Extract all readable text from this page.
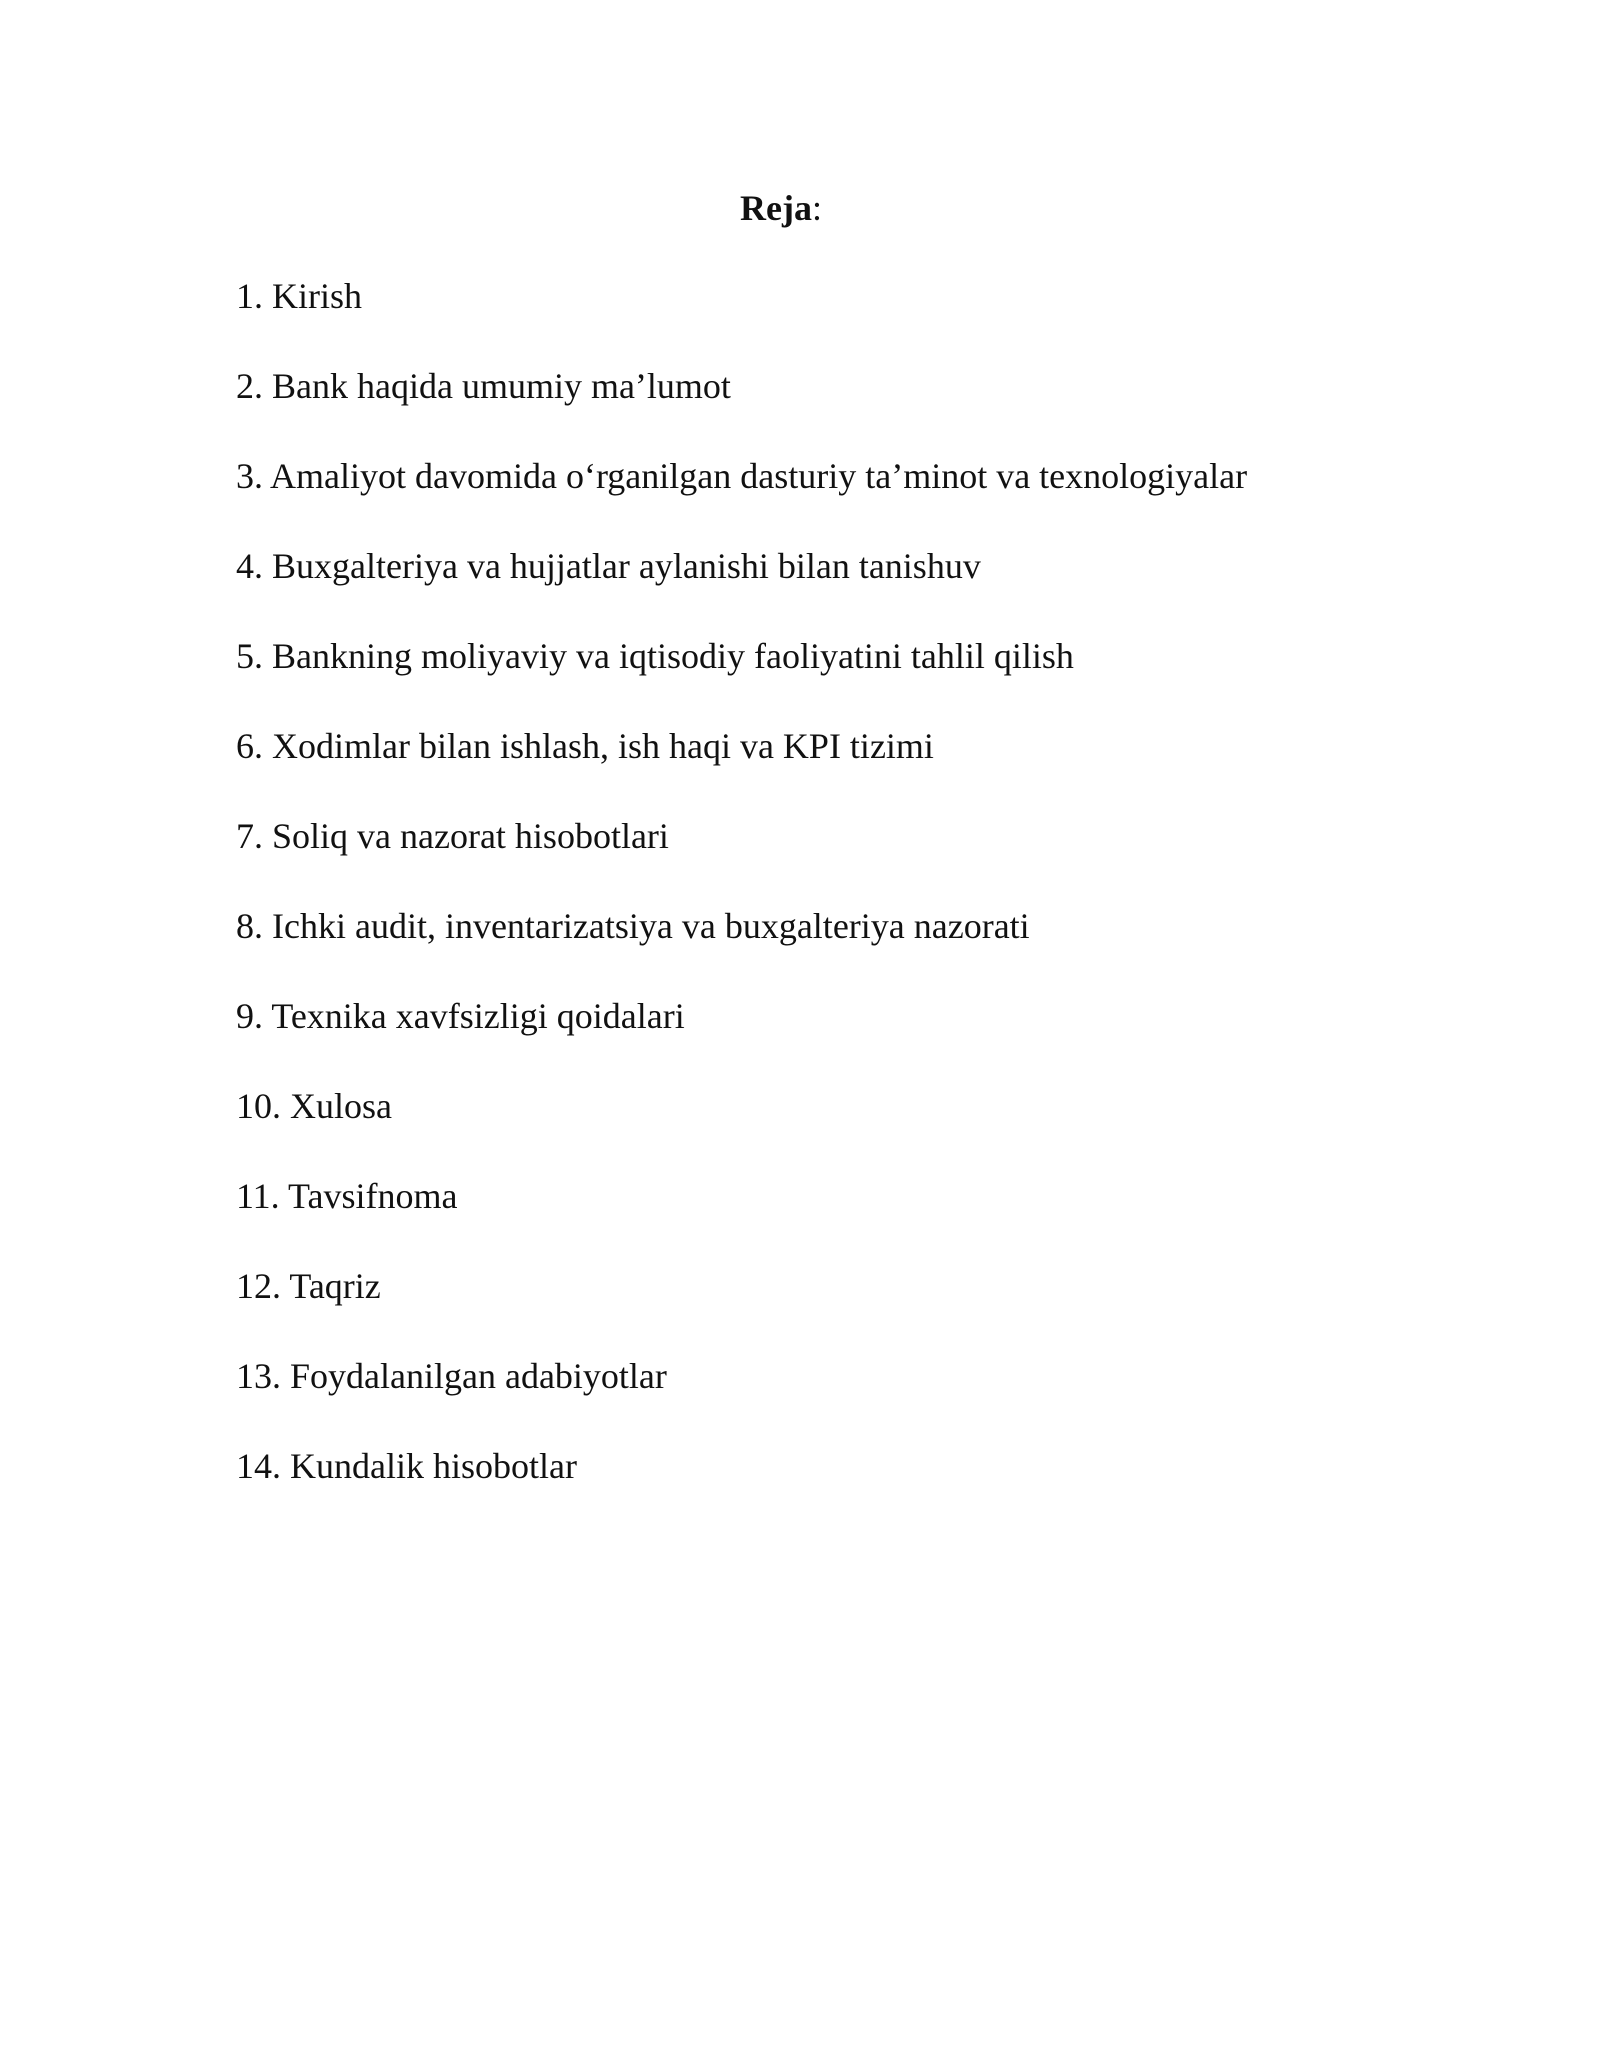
Reja:
1. Kirish
2. Bank haqida umumiy ma’lumot
3. Amaliyot davomida o‘rganilgan dasturiy ta’minot va texnologiyalar
4. Buxgalteriya va hujjatlar aylanishi bilan tanishuv
5. Bankning moliyaviy va iqtisodiy faoliyatini tahlil qilish
6. Xodimlar bilan ishlash, ish haqi va KPI tizimi
7. Soliq va nazorat hisobotlari
8. Ichki audit, inventarizatsiya va buxgalteriya nazorati
9. Texnika xavfsizligi qoidalari
10. Xulosa
11. Tavsifnoma
12. Taqriz
13. Foydalanilgan adabiyotlar
14. Kundalik hisobotlar
